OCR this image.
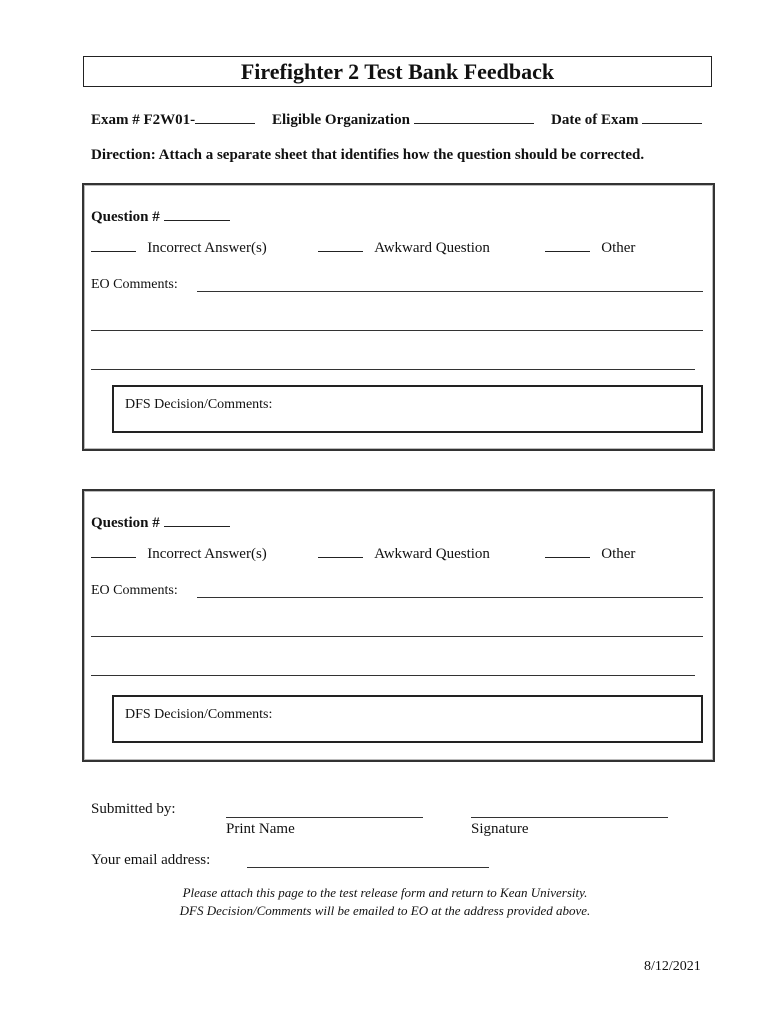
Firefighter 2 Test Bank Feedback
Exam # F2W01-	Eligible Organization	Date of Exam
Direction: Attach a separate sheet that identifies how the question should be corrected.
Question #
Incorrect Answer(s)	Awkward Question	Other
EO Comments:
DFS Decision/Comments:
Question #
Incorrect Answer(s)	Awkward Question	Other
EO Comments:
DFS Decision/Comments:
Submitted by:
Print Name	Signature
Your email address:
Please attach this page to the test release form and return to Kean University.
DFS Decision/Comments will be emailed to EO at the address provided above.
8/12/2021
